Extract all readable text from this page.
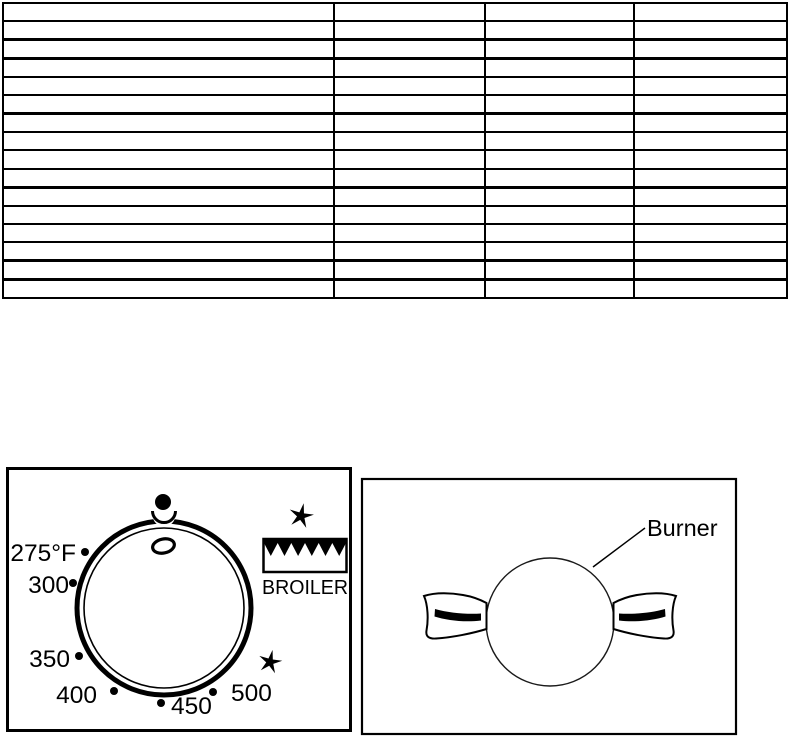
275°F
300
350
400	450 500
BROILER
Burner
